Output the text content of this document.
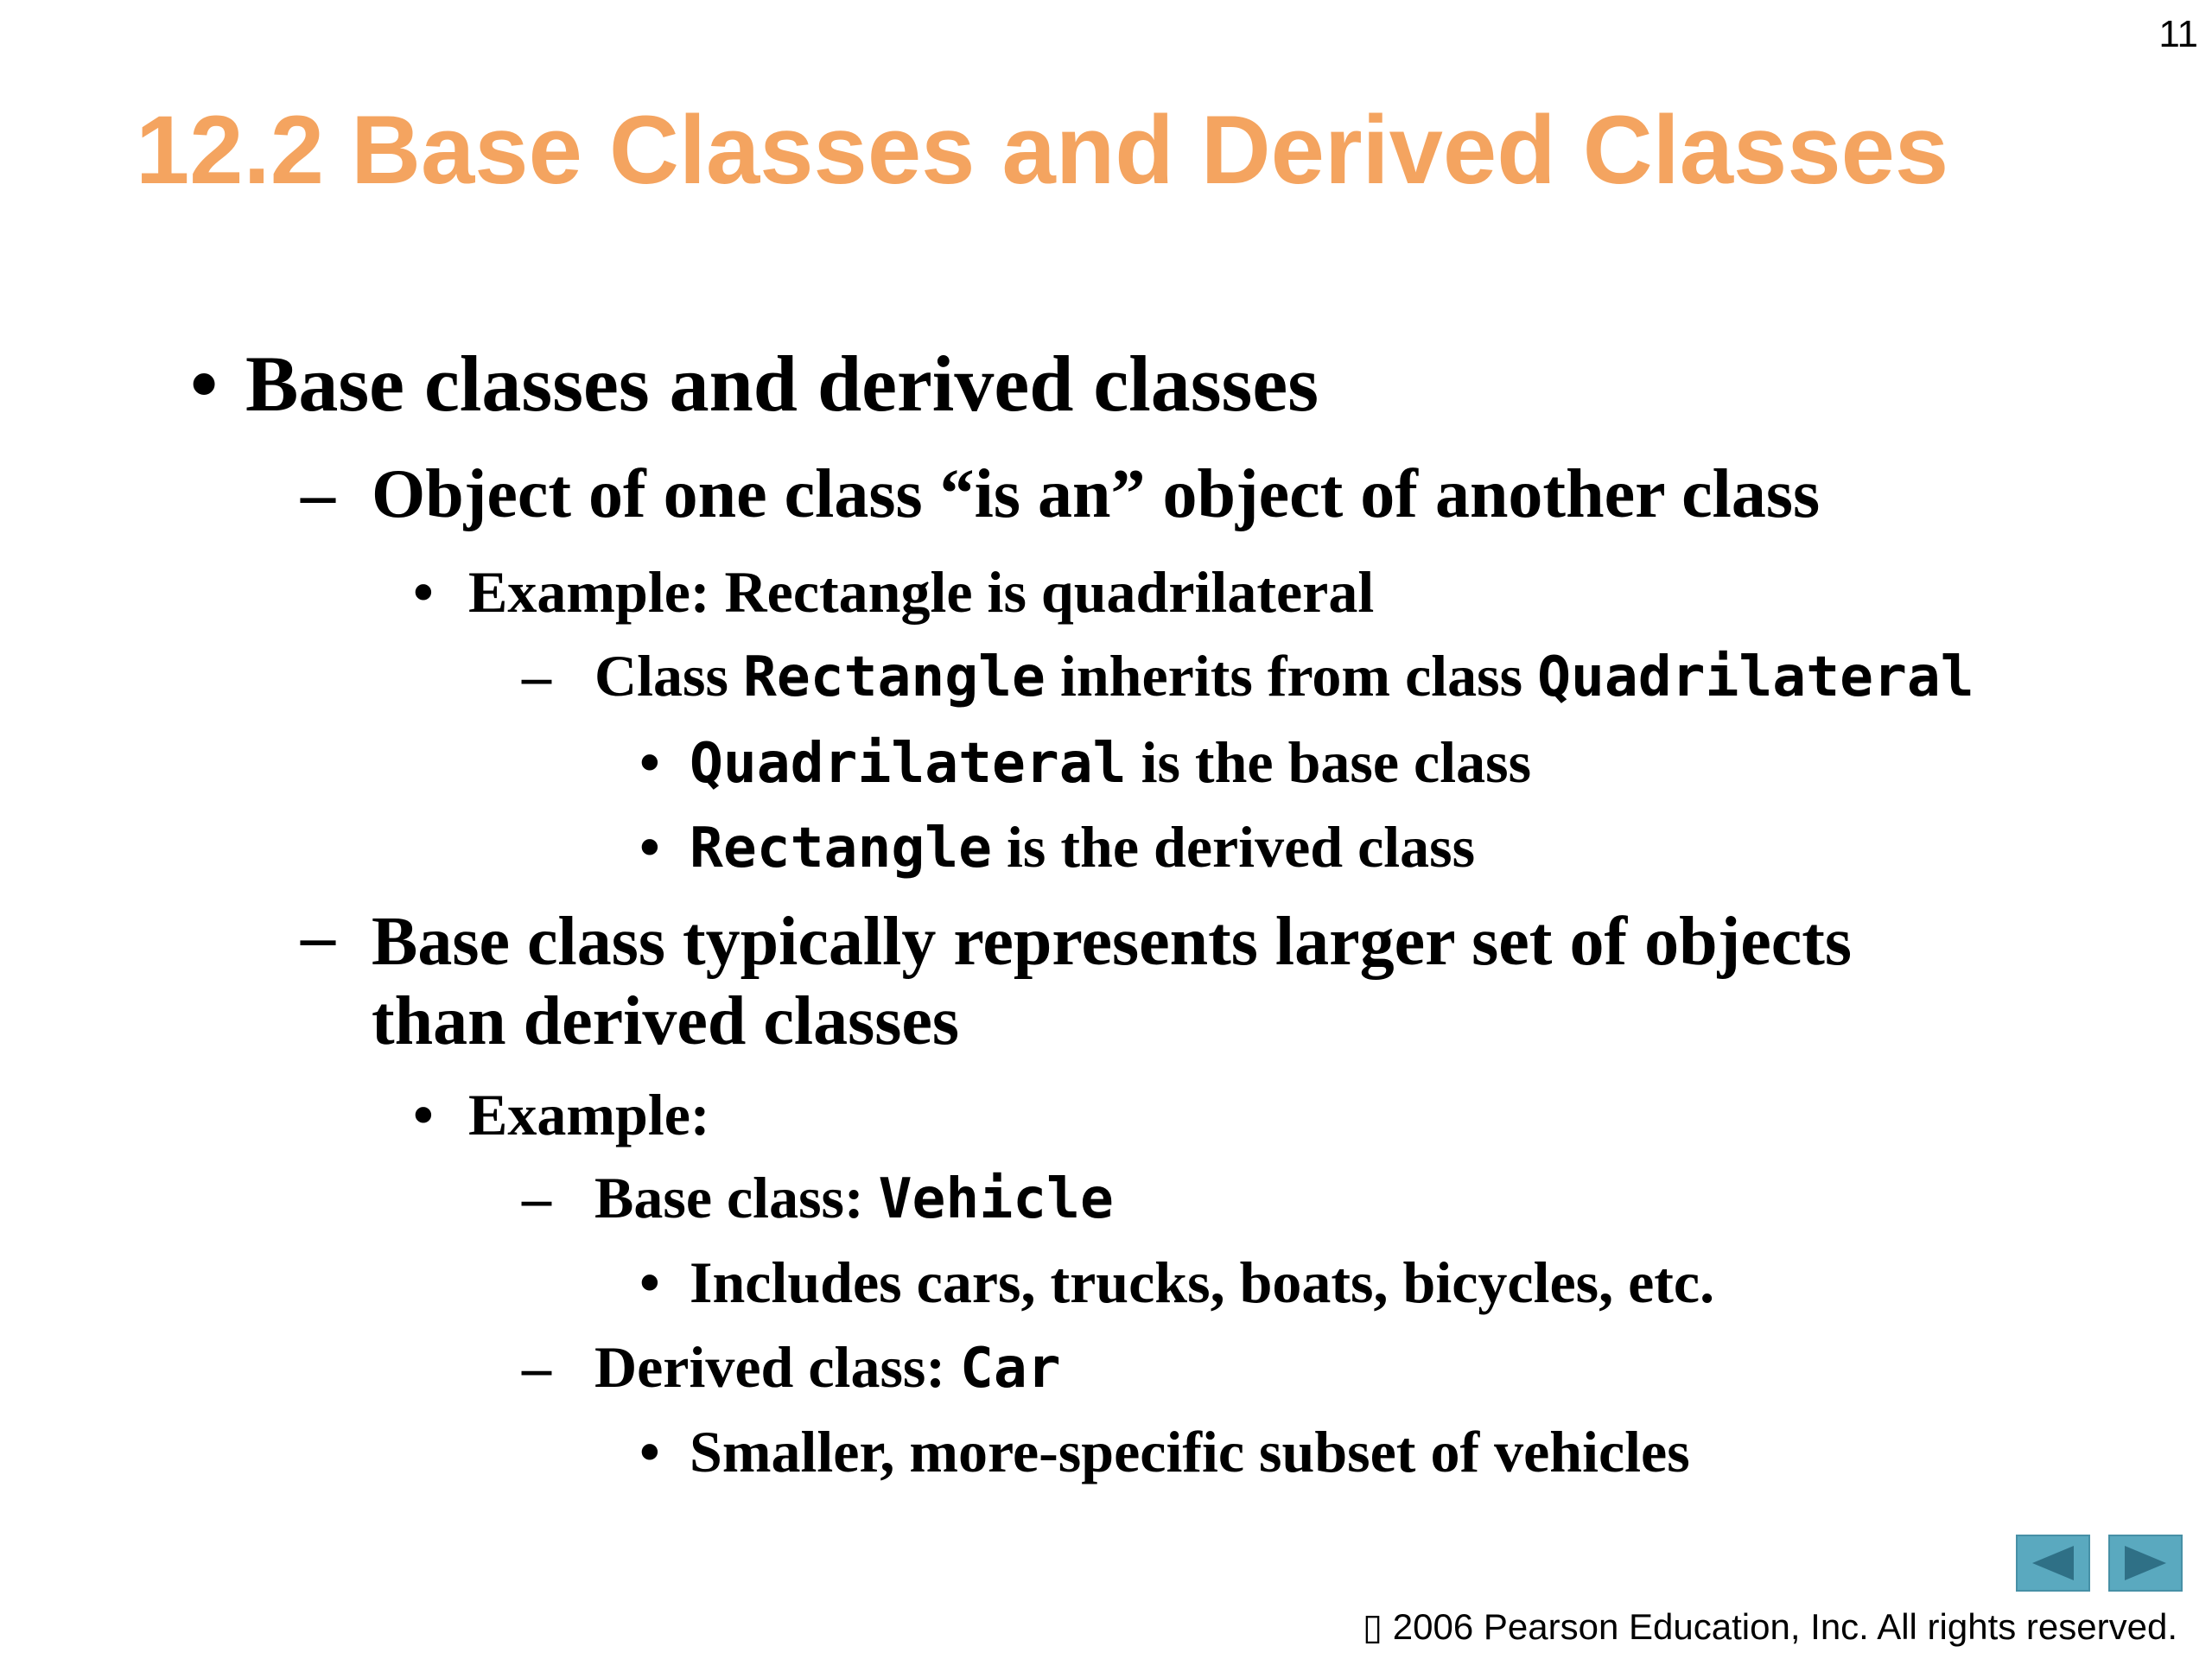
11
12.2 Base Classes and Derived Classes
• Base classes and derived classes
– Object of one class “is an” object of another class
• Example: Rectangle is quadrilateral
– Class Rectangle inherits from class Quadrilateral
• Quadrilateral is the base class
• Rectangle is the derived class
– Base class typically represents larger set of objects
than derived classes
• Example:
– Base class: Vehicle
• Includes cars, trucks, boats, bicycles, etc.
– Derived class: Car
• Smaller, more-specific subset of vehicles
▯ 2006 Pearson Education, Inc. All rights reserved.
